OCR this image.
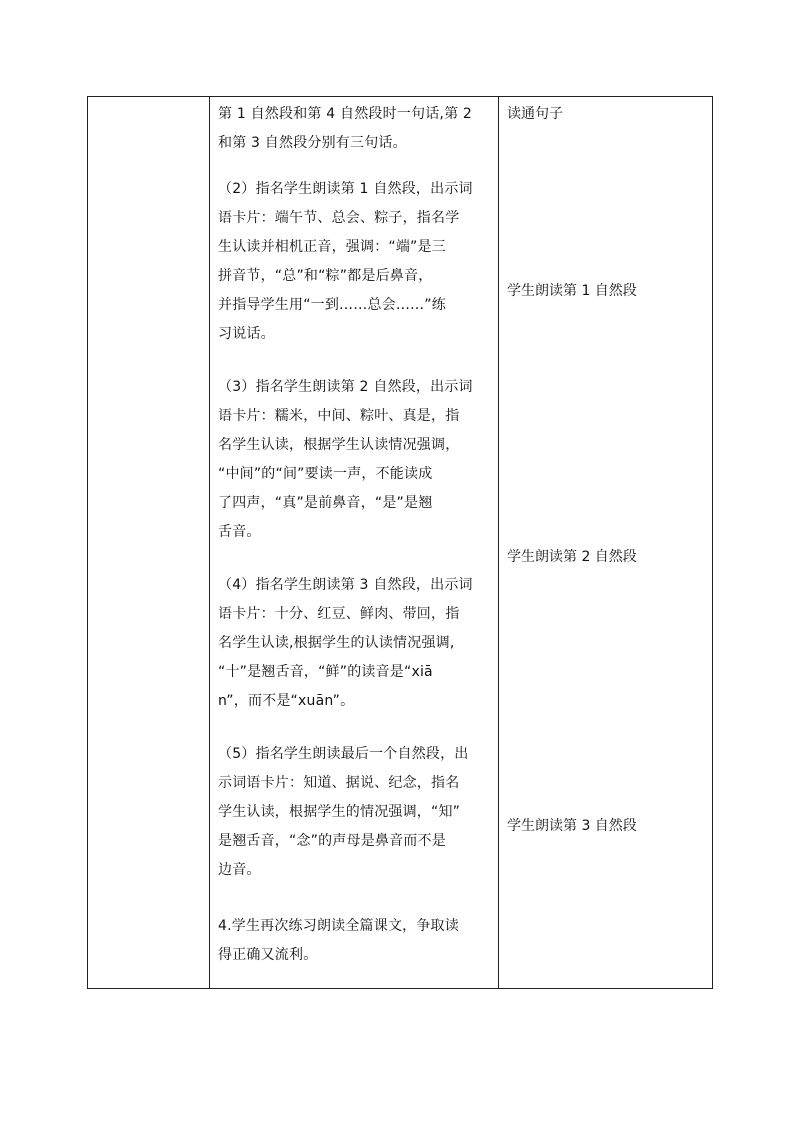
第 1 自然段和第 4 自然段时一句话,第 2
和第 3 自然段分别有三句话。
（2）指名学生朗读第 1 自然段，出示词
语卡片：端午节、总会、粽子，指名学
生认读并相机正音，强调：“端”是三
拼音节，“总”和“粽”都是后鼻音，
并指导学生用“一到……总会……”练
习说话。
（3）指名学生朗读第 2 自然段，出示词
语卡片：糯米，中间、粽叶、真是，指
名学生认读，根据学生认读情况强调，
“中间”的“间”要读一声，不能读成
了四声，“真”是前鼻音，“是”是翘
舌音。
（4）指名学生朗读第 3 自然段，出示词
语卡片：十分、红豆、鲜肉、带回，指
名学生认读,根据学生的认读情况强调,
“十”是翘舌音，“鲜”的读音是“xiā
n”，而不是“xuān”。
（5）指名学生朗读最后一个自然段，出
示词语卡片：知道、据说、纪念，指名
学生认读，根据学生的情况强调，“知”
是翘舌音，“念”的声母是鼻音而不是
边音。
4.学生再次练习朗读全篇课文，争取读
得正确又流利。
读通句子
学生朗读第 1 自然段
学生朗读第 2 自然段
学生朗读第 3 自然段
